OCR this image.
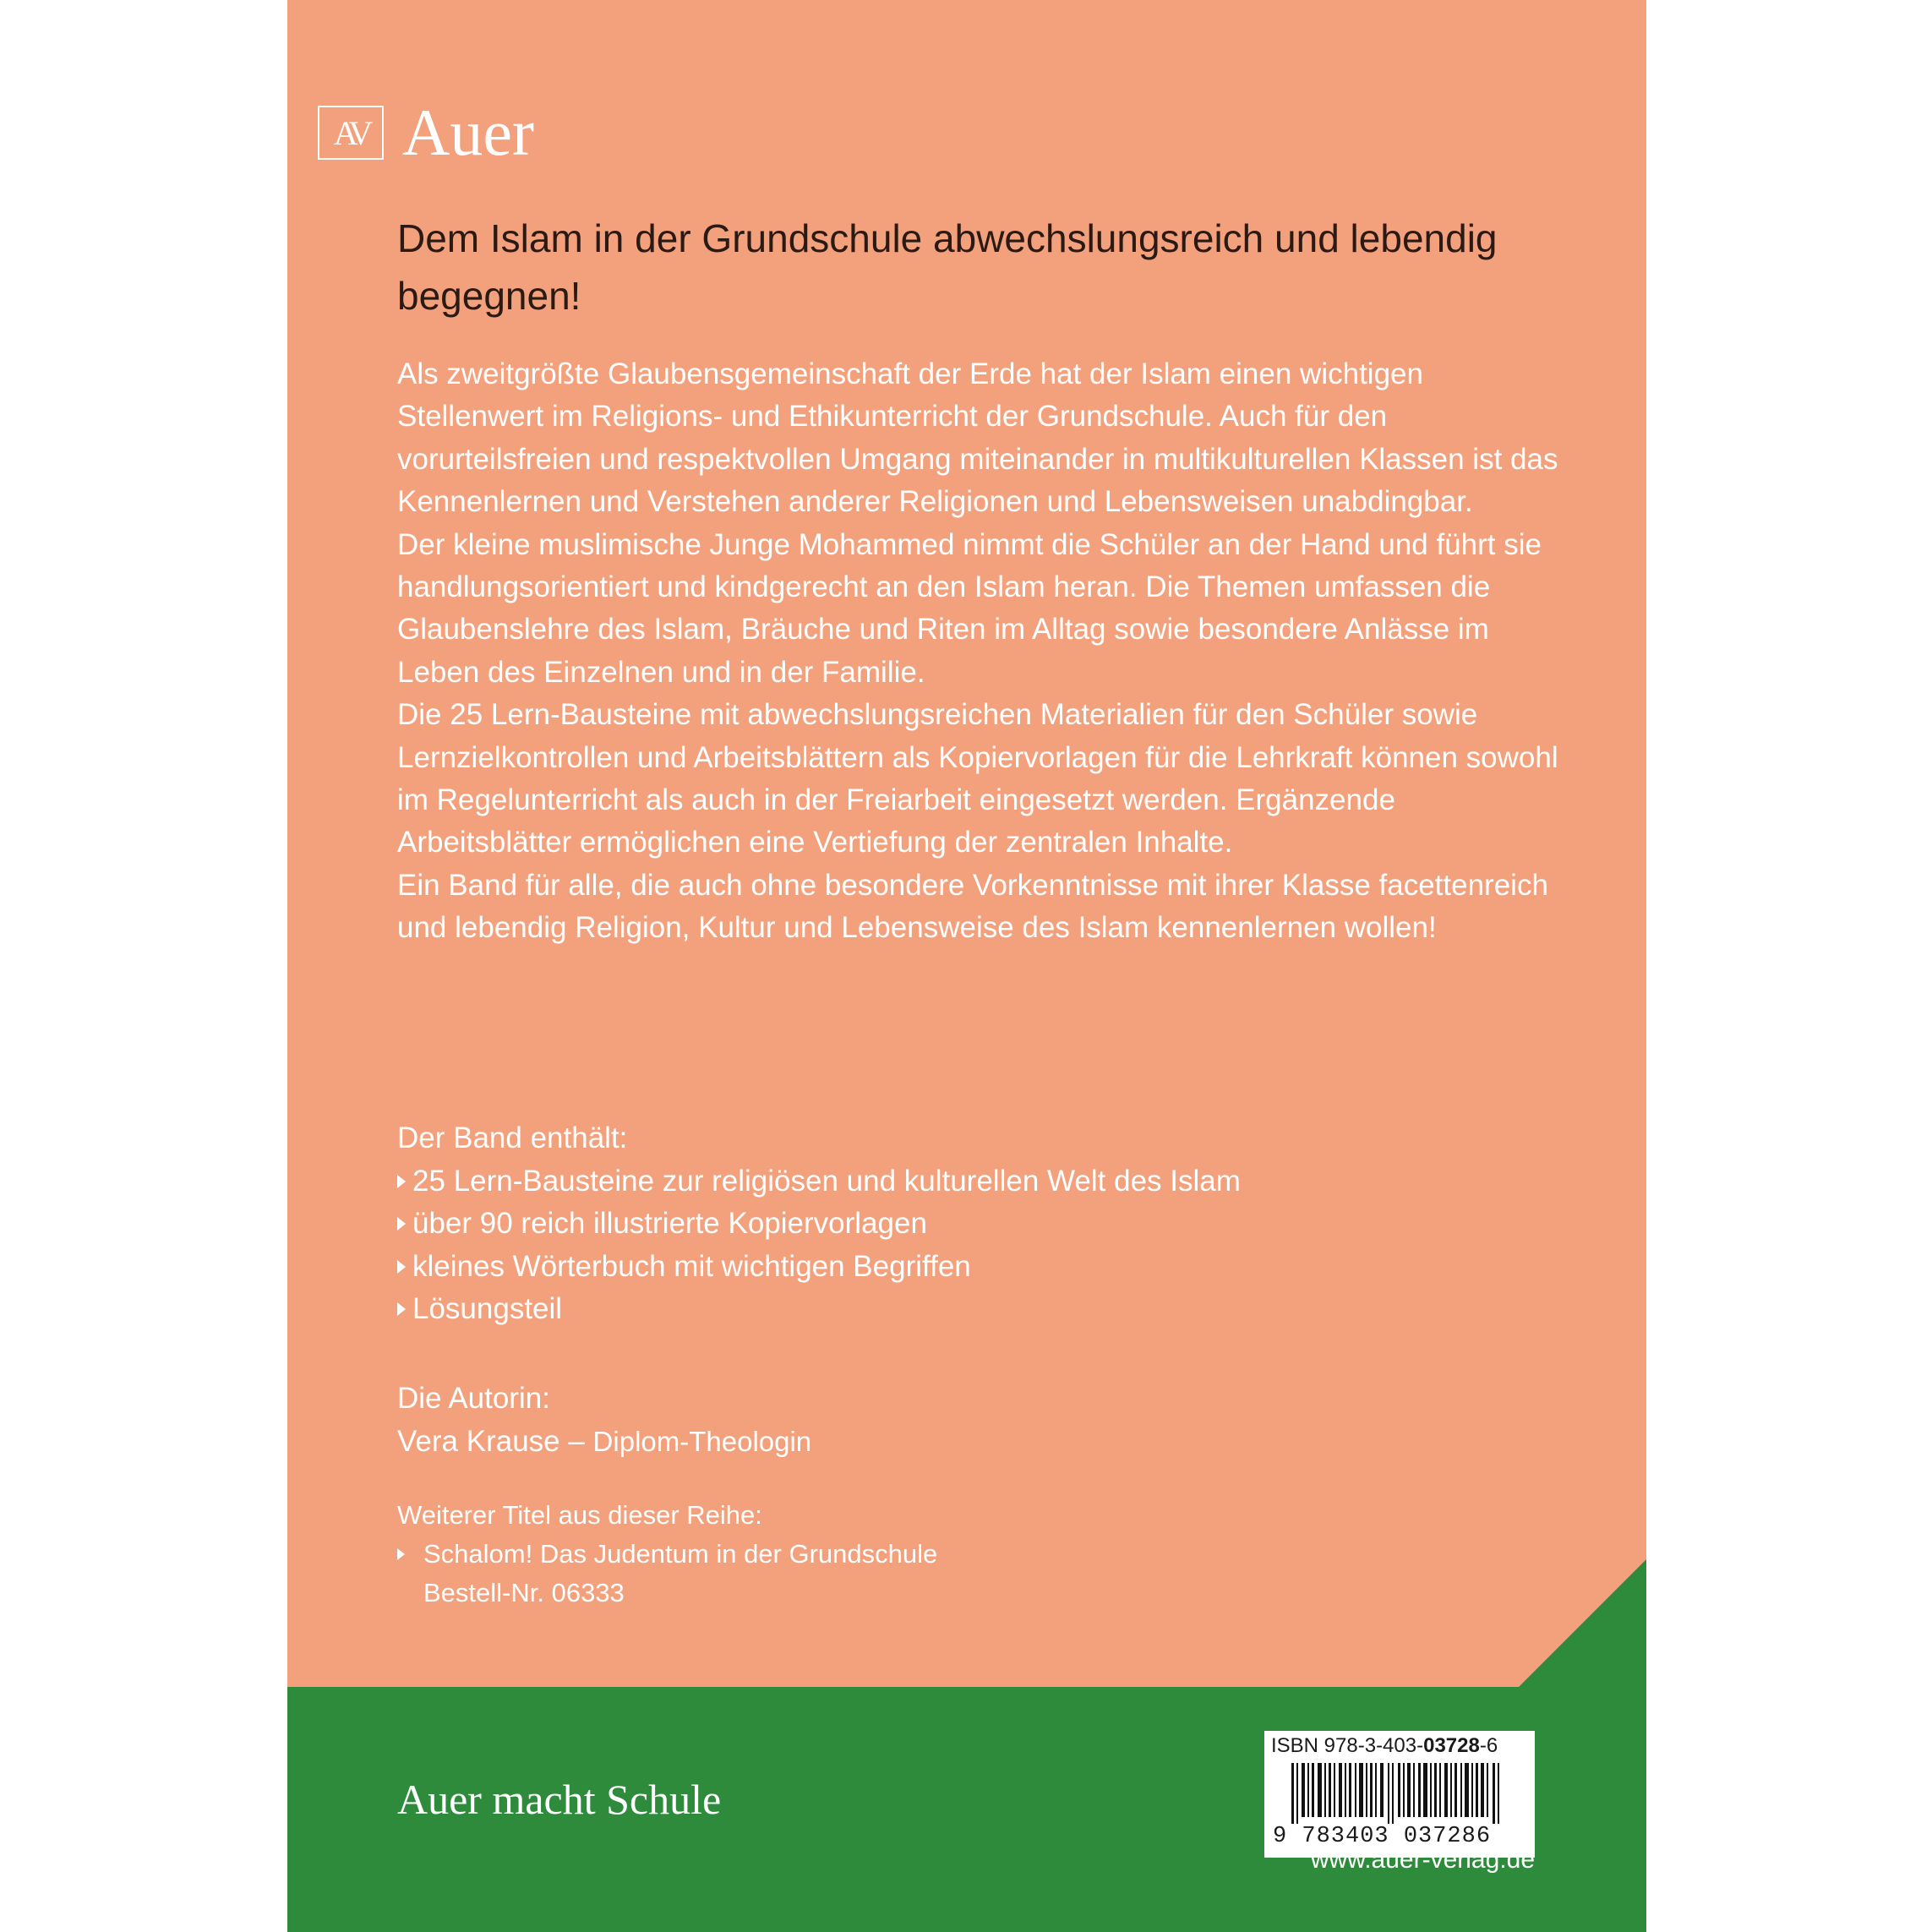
AV Auer
Dem Islam in der Grundschule abwechslungsreich und lebendig begegnen!

Als zweitgrößte Glaubensgemeinschaft der Erde hat der Islam einen wichtigen Stellenwert im Religions- und Ethikunterricht der Grundschule. Auch für den vorurteilsfreien und respektvollen Umgang miteinander in multikulturellen Klassen ist das Kennenlernen und Verstehen anderer Religionen und Lebensweisen unabdingbar.

Der kleine muslimische Junge Mohammed nimmt die Schüler an der Hand und führt sie handlungsorientiert und kindgerecht an den Islam heran. Die Themen umfassen die Glaubenslehre des Islam, Bräuche und Riten im Alltag sowie besondere Anlässe im Leben des Einzelnen und in der Familie.

Die 25 Lern-Bausteine mit abwechslungsreichen Materialien für den Schüler sowie Lernzielkontrollen und Arbeitsblättern als Kopiervorlagen für die Lehrkraft können sowohl im Regelunterricht als auch in der Freiarbeit eingesetzt werden. Ergänzende Arbeitsblätter ermöglichen eine Vertiefung der zentralen Inhalte.

Ein Band für alle, die auch ohne besondere Vorkenntnisse mit ihrer Klasse facettenreich und lebendig Religion, Kultur und Lebensweise des Islam kennenlernen wollen!

Der Band enthält:
25 Lern-Bausteine zur religiösen und kulturellen Welt des Islam
über 90 reich illustrierte Kopiervorlagen
kleines Wörterbuch mit wichtigen Begriffen
Lösungsteil
Die Autorin:
Vera Krause – Diplom-Theologin
Weiterer Titel aus dieser Reihe:
Schalom! Das Judentum in der Grundschule
Bestell-Nr. 06333
Auer macht Schule
ISBN 978-3-403-03728-6
9 783403 037286
www.auer-verlag.de
